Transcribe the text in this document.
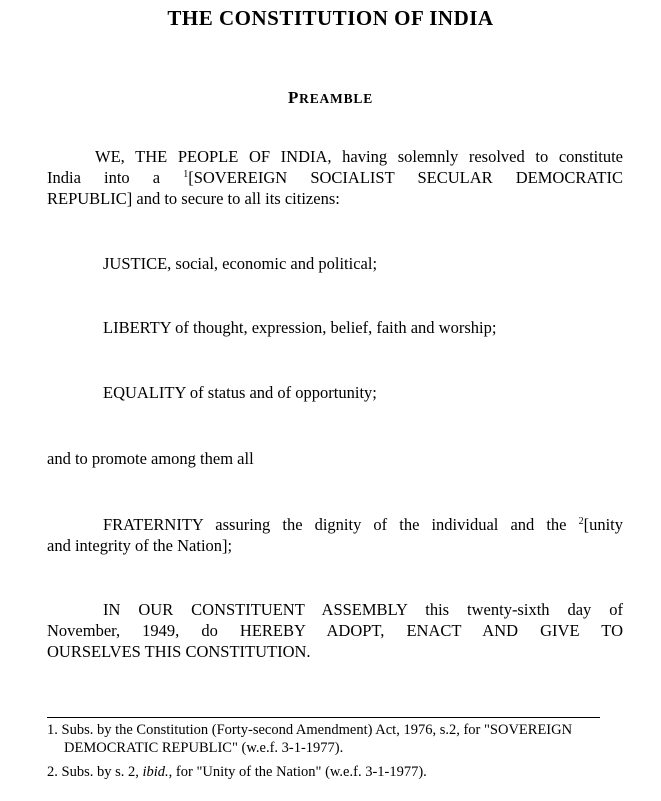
THE CONSTITUTION OF INDIA
PREAMBLE
WE, THE PEOPLE OF INDIA, having solemnly resolved to constitute
India into a $^1$[SOVEREIGN SOCIALIST SECULAR DEMOCRATIC
REPUBLIC] and to secure to all its citizens:
JUSTICE, social, economic and political;
LIBERTY of thought, expression, belief, faith and worship;
EQUALITY of status and of opportunity;
and to promote among them all
FRATERNITY assuring the dignity of the individual and the $^2$[unity
and integrity of the Nation];
IN OUR CONSTITUENT ASSEMBLY this twenty-sixth day of
November, 1949, do HEREBY ADOPT, ENACT AND GIVE TO
OURSELVES THIS CONSTITUTION.
1. Subs. by the Constitution (Forty-second Amendment) Act, 1976, s.2, for "SOVEREIGN
DEMOCRATIC REPUBLIC" (w.e.f. 3-1-1977).
2. Subs. by s. 2, ibid., for "Unity of the Nation" (w.e.f. 3-1-1977).
